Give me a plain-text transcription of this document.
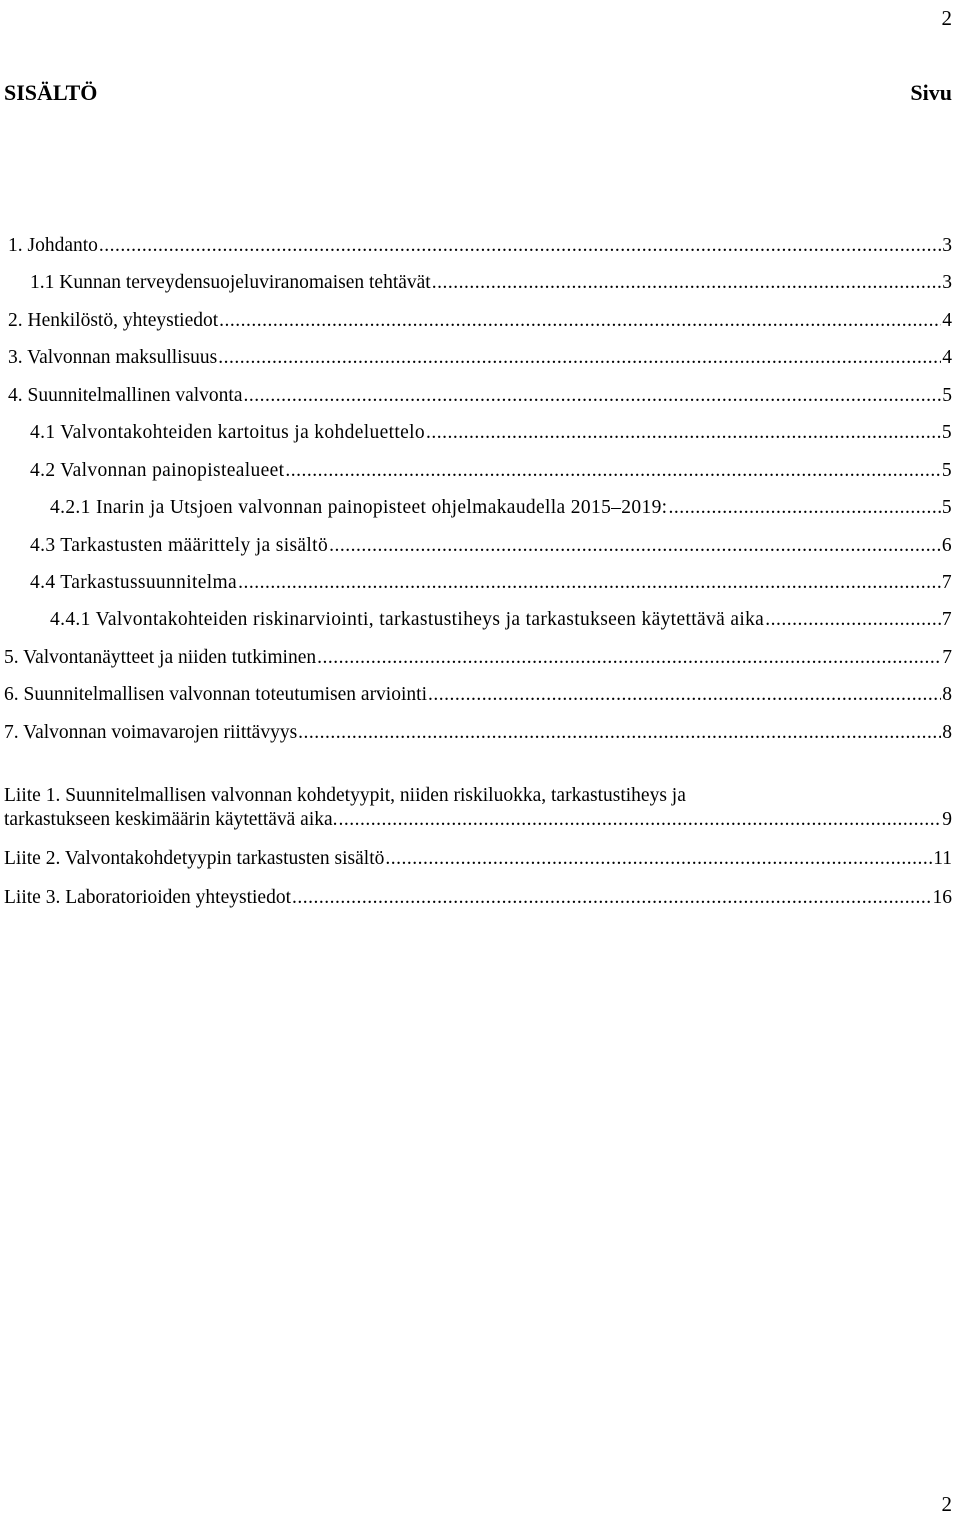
2
SISÄLTÖ	Sivu
1. Johdanto .....	3
1.1 Kunnan terveydensuojeluviranomaisen tehtävät .....	3
2. Henkilöstö, yhteystiedot .....	4
3. Valvonnan maksullisuus .....	4
4. Suunnitelmallinen valvonta .....	5
4.1 Valvontakohteiden kartoitus ja kohdeluettelo .....	5
4.2 Valvonnan painopistealueet .....	5
4.2.1 Inarin ja Utsjoen valvonnan painopisteet ohjelmakaudella 2015–2019: .....	5
4.3 Tarkastusten määrittely ja sisältö .....	6
4.4 Tarkastussuunnitelma .....	7
4.4.1 Valvontakohteiden riskinarviointi, tarkastustiheys ja tarkastukseen käytettävä aika .....	7
5. Valvontanäytteet ja niiden tutkiminen .....	7
6. Suunnitelmallisen valvonnan toteutumisen arviointi .....	8
7. Valvonnan voimavarojen riittävyys .....	8
Liite 1. Suunnitelmallisen valvonnan kohdetyypit, niiden riskiluokka, tarkastustiheys ja
tarkastukseen keskimäärin käytettävä aika. .....	9
Liite 2. Valvontakohdetyypin tarkastusten sisältö .....	11
Liite 3. Laboratorioiden yhteystiedot .....	16
2
